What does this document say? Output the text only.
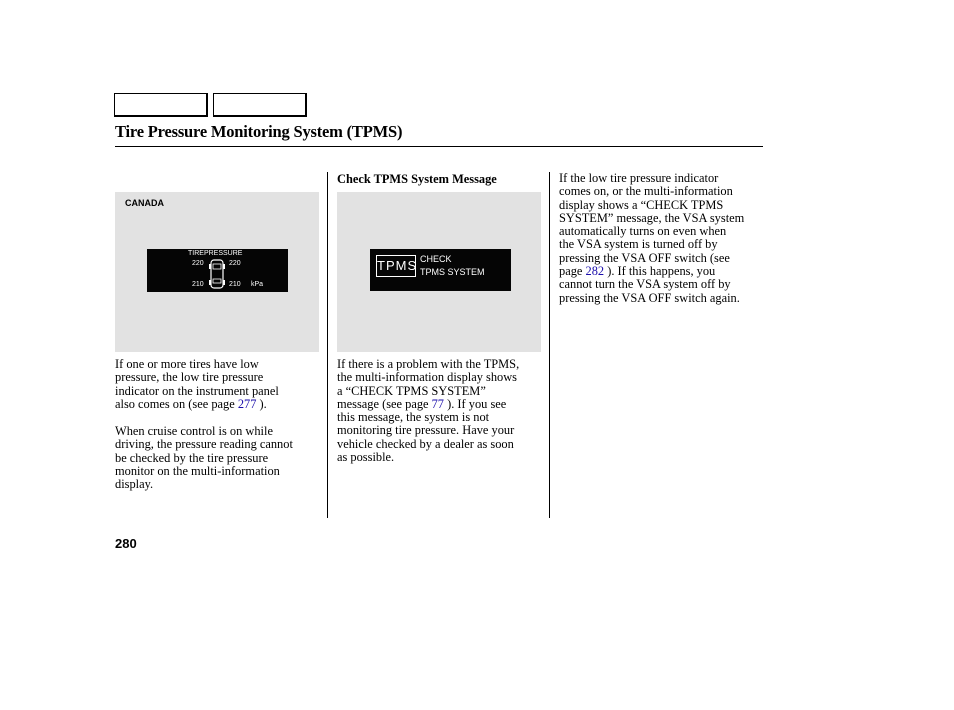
Tire Pressure Monitoring System (TPMS)
CANADA
TIREPRESSURE
220	220
210	210 kPa
If one or more tires have low
pressure, the low tire pressure
indicator on the instrument panel
also comes on (see page 277 ).
When cruise control is on while
driving, the pressure reading cannot
be checked by the tire pressure
monitor on the multi-information
display.
Check TPMS System Message
TPMS CHECK
TPMS SYSTEM
If there is a problem with the TPMS,
the multi-information display shows
a “CHECK TPMS SYSTEM”
message (see page 77 ). If you see
this message, the system is not
monitoring tire pressure. Have your
vehicle checked by a dealer as soon
as possible.
If the low tire pressure indicator
comes on, or the multi-information
display shows a “CHECK TPMS
SYSTEM” message, the VSA system
automatically turns on even when
the VSA system is turned off by
pressing the VSA OFF switch (see
page 282 ). If this happens, you
cannot turn the VSA system off by
pressing the VSA OFF switch again.
280
